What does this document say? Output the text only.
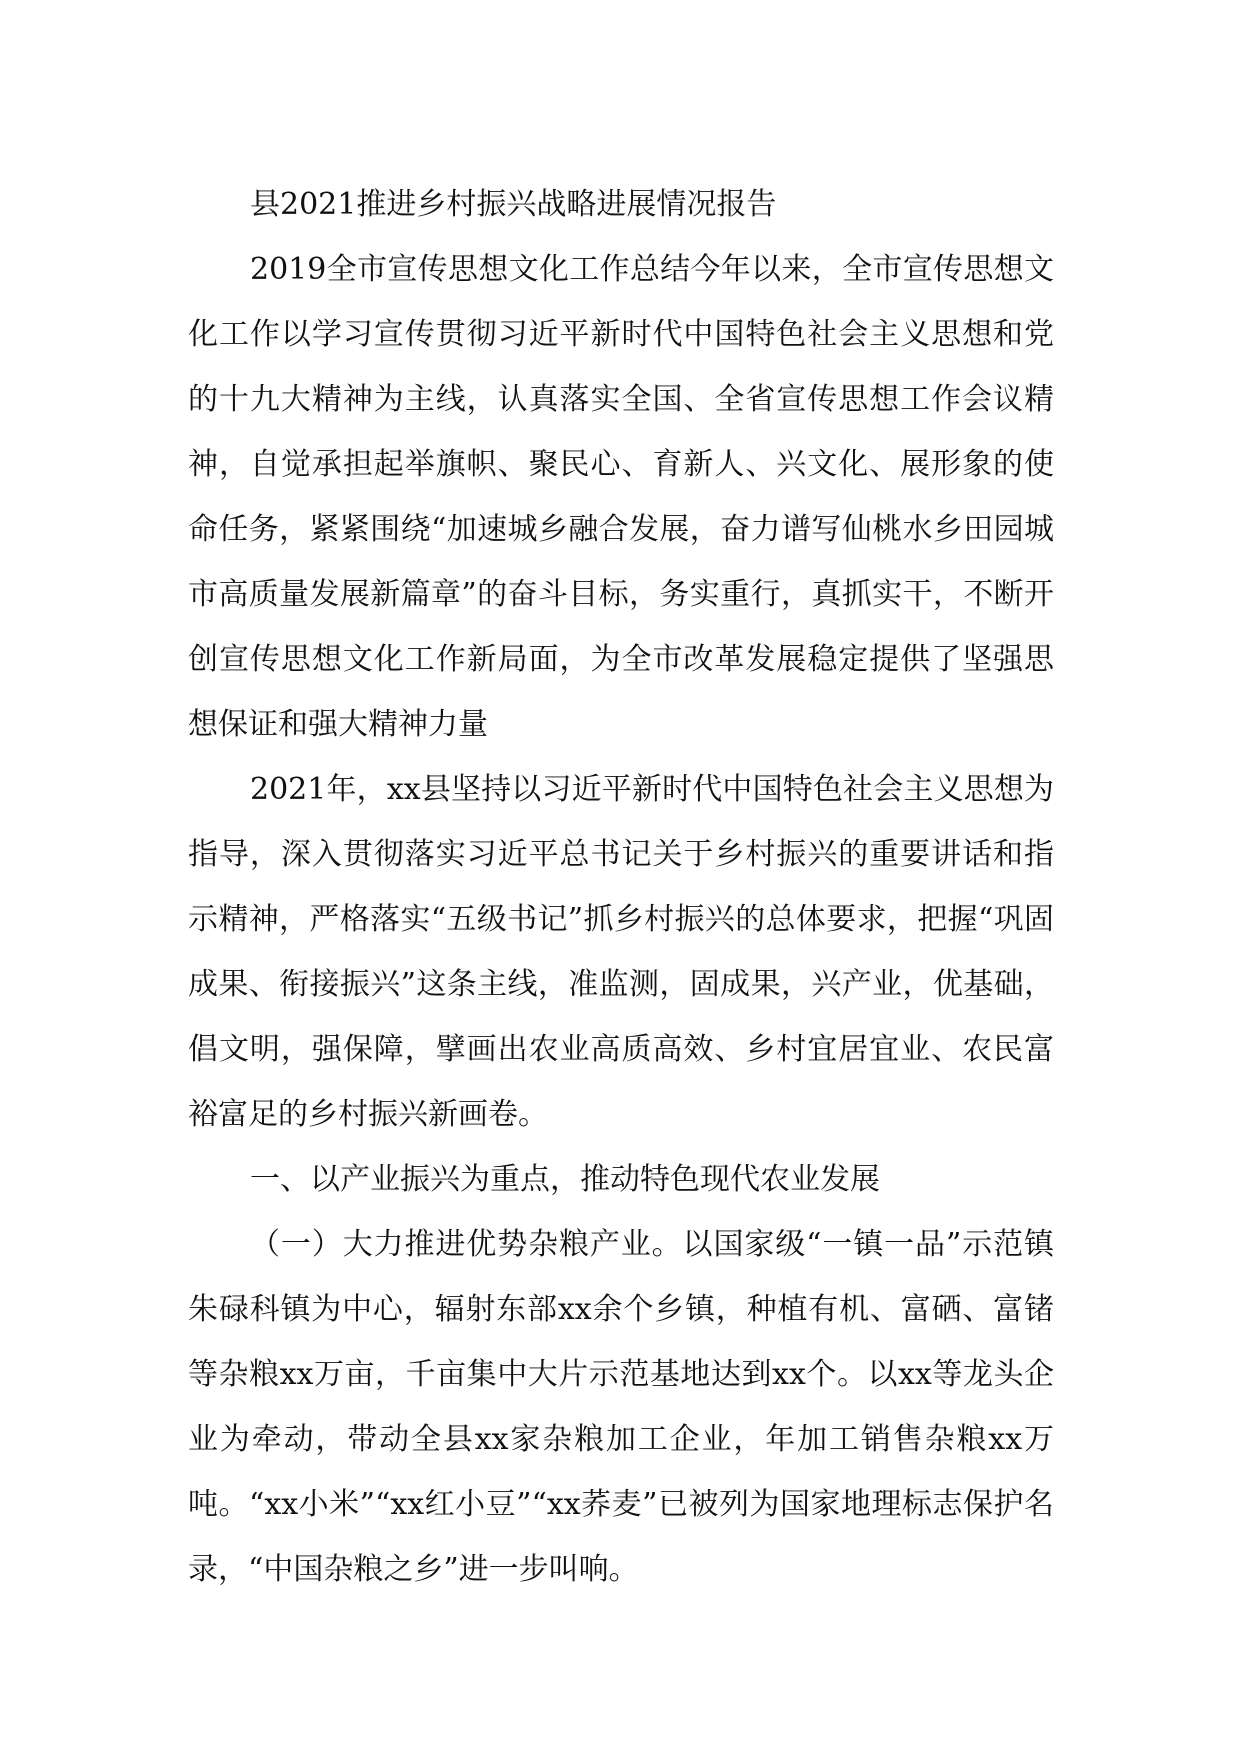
县2021推进乡村振兴战略进展情况报告

2019全市宣传思想文化工作总结今年以来，全市宣传思想文化工作以学习宣传贯彻习近平新时代中国特色社会主义思想和党的十九大精神为主线，认真落实全国、全省宣传思想工作会议精神，自觉承担起举旗帜、聚民心、育新人、兴文化、展形象的使命任务，紧紧围绕“加速城乡融合发展，奋力谱写仙桃水乡田园城市高质量发展新篇章”的奋斗目标，务实重行，真抓实干，不断开创宣传思想文化工作新局面，为全市改革发展稳定提供了坚强思想保证和强大精神力量

2021年，xx县坚持以习近平新时代中国特色社会主义思想为指导，深入贯彻落实习近平总书记关于乡村振兴的重要讲话和指示精神，严格落实“五级书记”抓乡村振兴的总体要求，把握“巩固成果、衔接振兴”这条主线，准监测，固成果，兴产业，优基础，倡文明，强保障，擘画出农业高质高效、乡村宜居宜业、农民富裕富足的乡村振兴新画卷。

一、以产业振兴为重点，推动特色现代农业发展

（一）大力推进优势杂粮产业。以国家级“一镇一品”示范镇朱碌科镇为中心，辐射东部xx余个乡镇，种植有机、富硒、富锗等杂粮xx万亩，千亩集中大片示范基地达到xx个。以xx等龙头企业为牵动，带动全县xx家杂粮加工企业，年加工销售杂粮xx万吨。“xx小米”“xx红小豆”“xx荞麦”已被列为国家地理标志保护名录，“中国杂粮之乡”进一步叫响。
